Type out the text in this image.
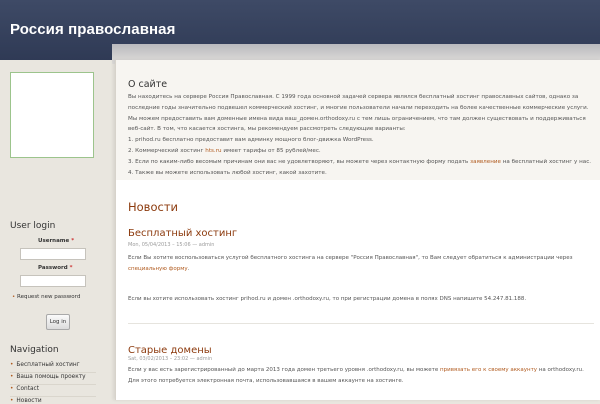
Россия православная
User login
Username *
Password *
• Request new password
Log in
Navigation
• Бесплатный хостинг
• Ваша помощь проекту
• Contact
• Новости
О сайте

Вы находитесь на сервере Россия Православная. С 1999 года основной задачей сервера являлся бесплатный хостинг православных сайтов, однако за

последние годы значительно подвешел коммерческий хостинг, и многие пользователи начали переходить на более качественные коммерческие услуги.

Мы можем предоставить вам доменные имена вида ваш_домен.orthodoxy.ru с тем лишь ограничением, что там должен существовать и поддерживаться

веб-сайт. В том, что касается хостинга, мы рекомендуем рассмотреть следующие варианты:

1. prihod.ru бесплатно предоставит вам админку мощного блог-движка WordPress.

2. Коммерческий хостинг hts.ru имеет тарифы от 85 рублей/мес.

3. Если по каким-либо весомым причинам они вас не удовлетворяют, вы можете через контактную форму подать заявление на бесплатный хостинг у нас.

4. Также вы можете использовать любой хостинг, какой захотите.

Новости
Бесплатный хостинг
Mon, 05/04/2013 – 15:06 — admin
Если Вы хотите воспользоваться услугой бесплатного хостинга на сервере "Россия Православная", то Вам следует обратиться к администрации через
специальную форму.
Если вы хотите использовать хостинг prihod.ru и домен .orthodoxy.ru, то при регистрации домена в полях DNS напишите 54.247.81.188.
Старые домены
Sat, 03/02/2013 – 23:02 — admin
Если у вас есть зарегистрированный до марта 2013 года домен третьего уровня .orthodoxy.ru, вы можете привязать его к своему аккаунту на orthodoxy.ru.
Для этого потребуется электронная почта, использовавшаяся в вашем аккаунте на хостинге.
